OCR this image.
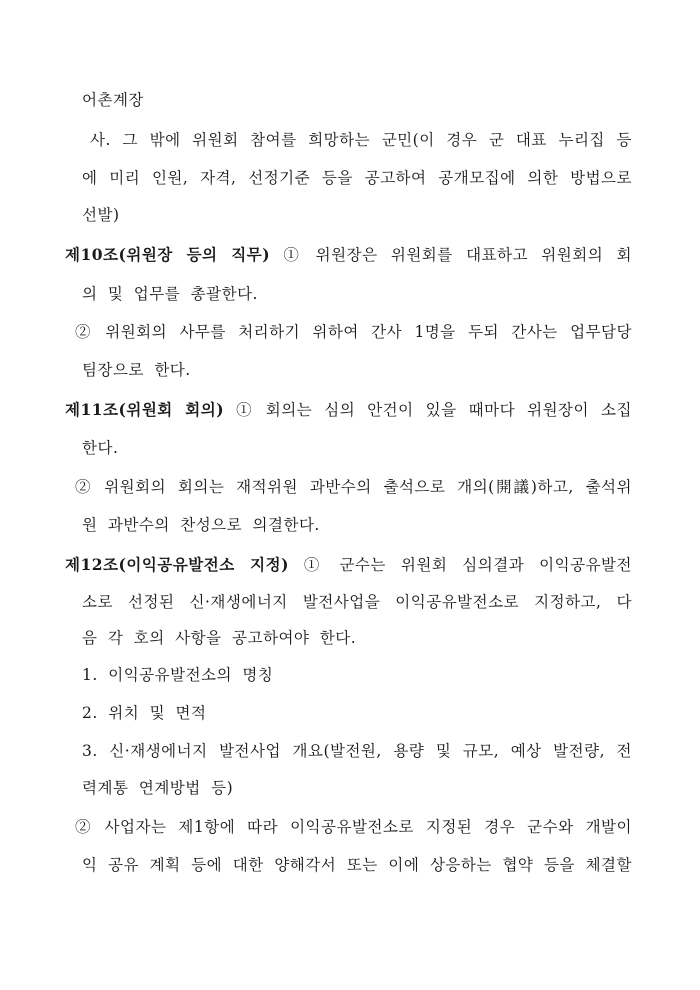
어촌계장
사. 그 밖에 위원회 참여를 희망하는 군민(이 경우 군 대표 누리집 등
에 미리 인원, 자격, 선정기준 등을 공고하여 공개모집에 의한 방법으로
선발)
제10조(위원장 등의 직무) ① 위원장은 위원회를 대표하고 위원회의 회
의 및 업무를 총괄한다.
② 위원회의 사무를 처리하기 위하여 간사 1명을 두되 간사는 업무담당
팀장으로 한다.
제11조(위원회 회의) ① 회의는 심의 안건이 있을 때마다 위원장이 소집
한다.
② 위원회의 회의는 재적위원 과반수의 출석으로 개의(開議)하고, 출석위
원 과반수의 찬성으로 의결한다.
제12조(이익공유발전소 지정) ① 군수는 위원회 심의결과 이익공유발전
소로 선정된 신·재생에너지 발전사업을 이익공유발전소로 지정하고, 다
음 각 호의 사항을 공고하여야 한다.
1. 이익공유발전소의 명칭
2. 위치 및 면적
3. 신·재생에너지 발전사업 개요(발전원, 용량 및 규모, 예상 발전량, 전
력계통 연계방법 등)
② 사업자는 제1항에 따라 이익공유발전소로 지정된 경우 군수와 개발이
익 공유 계획 등에 대한 양해각서 또는 이에 상응하는 협약 등을 체결할
